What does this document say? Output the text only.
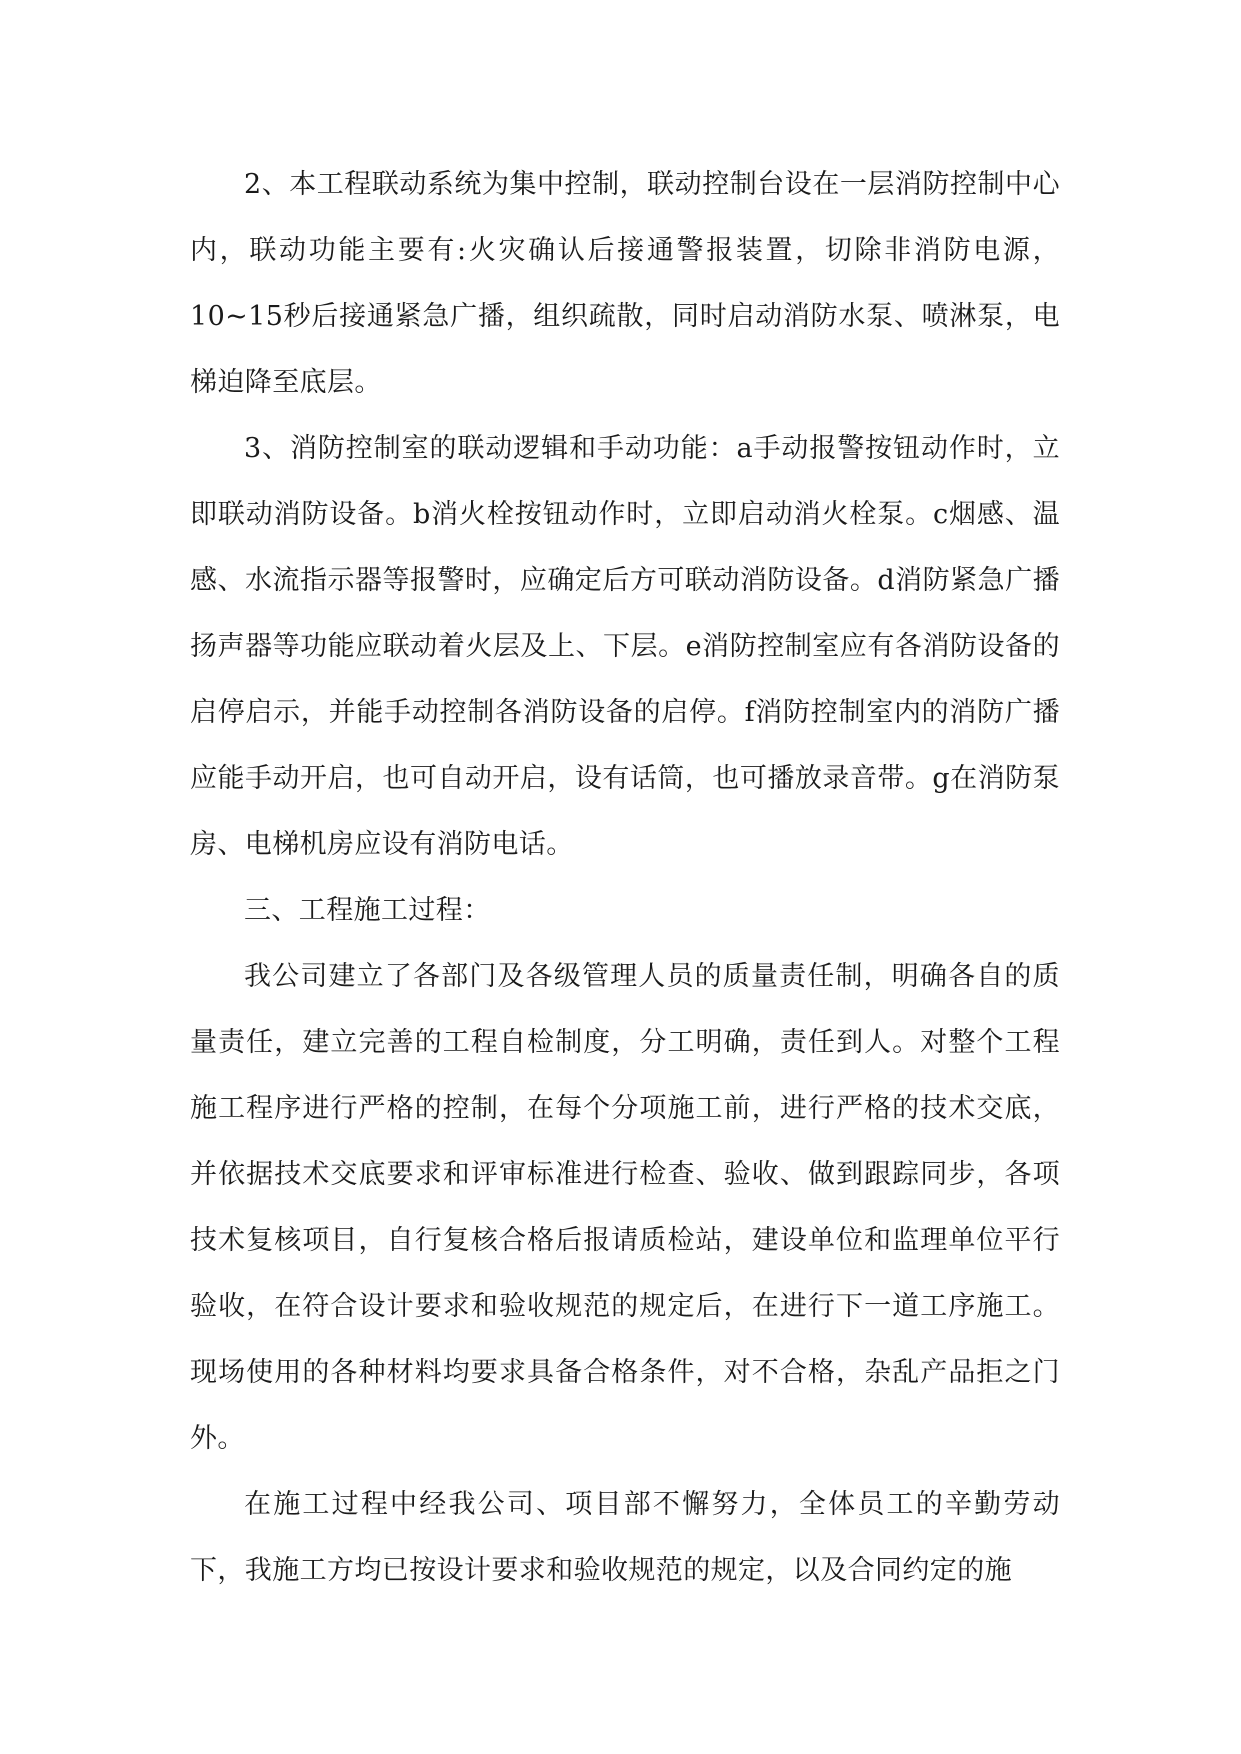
2、本工程联动系统为集中控制，联动控制台设在一层消防控制中心内，联动功能主要有:火灾确认后接通警报装置，切除非消防电源，10~15秒后接通紧急广播，组织疏散，同时启动消防水泵、喷淋泵，电梯迫降至底层。

3、消防控制室的联动逻辑和手动功能：a手动报警按钮动作时，立即联动消防设备。b消火栓按钮动作时，立即启动消火栓泵。c烟感、温感、水流指示器等报警时，应确定后方可联动消防设备。d消防紧急广播扬声器等功能应联动着火层及上、下层。e消防控制室应有各消防设备的启停启示，并能手动控制各消防设备的启停。f消防控制室内的消防广播应能手动开启，也可自动开启，设有话筒，也可播放录音带。g在消防泵房、电梯机房应设有消防电话。

三、工程施工过程：

我公司建立了各部门及各级管理人员的质量责任制，明确各自的质量责任，建立完善的工程自检制度，分工明确，责任到人。对整个工程施工程序进行严格的控制，在每个分项施工前，进行严格的技术交底，并依据技术交底要求和评审标准进行检查、验收、做到跟踪同步，各项技术复核项目，自行复核合格后报请质检站，建设单位和监理单位平行验收，在符合设计要求和验收规范的规定后，在进行下一道工序施工。现场使用的各种材料均要求具备合格条件，对不合格，杂乱产品拒之门外。

在施工过程中经我公司、项目部不懈努力，全体员工的辛勤劳动下，我施工方均已按设计要求和验收规范的规定，以及合同约定的施
